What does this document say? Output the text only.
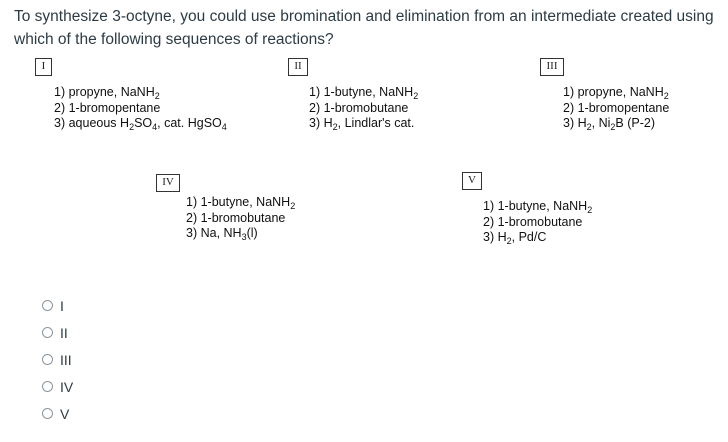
To synthesize 3-octyne, you could use bromination and elimination from an intermediate created using which of the following sequences of reactions?
I
1) propyne, NaNH$_2$
2) 1-bromopentane
3) aqueous $H_2SO_4$, cat. HgSO$_4$
II
1) 1-butyne, NaNH$_2$
2) 1-bromobutane
3) $H_2$, Lindlar's cat.
III
1) propyne, NaNH$_2$
2) 1-bromopentane
3) $H_2$, $Ni_2B$ (P-2)
IV
1) 1-butyne, NaNH$_2$
2) 1-bromobutane
3) Na, $NH_3(l)$
V
1) 1-butyne, NaNH$_2$
2) 1-bromobutane
3) $H_2$, Pd/C
I
II
III
IV
V
